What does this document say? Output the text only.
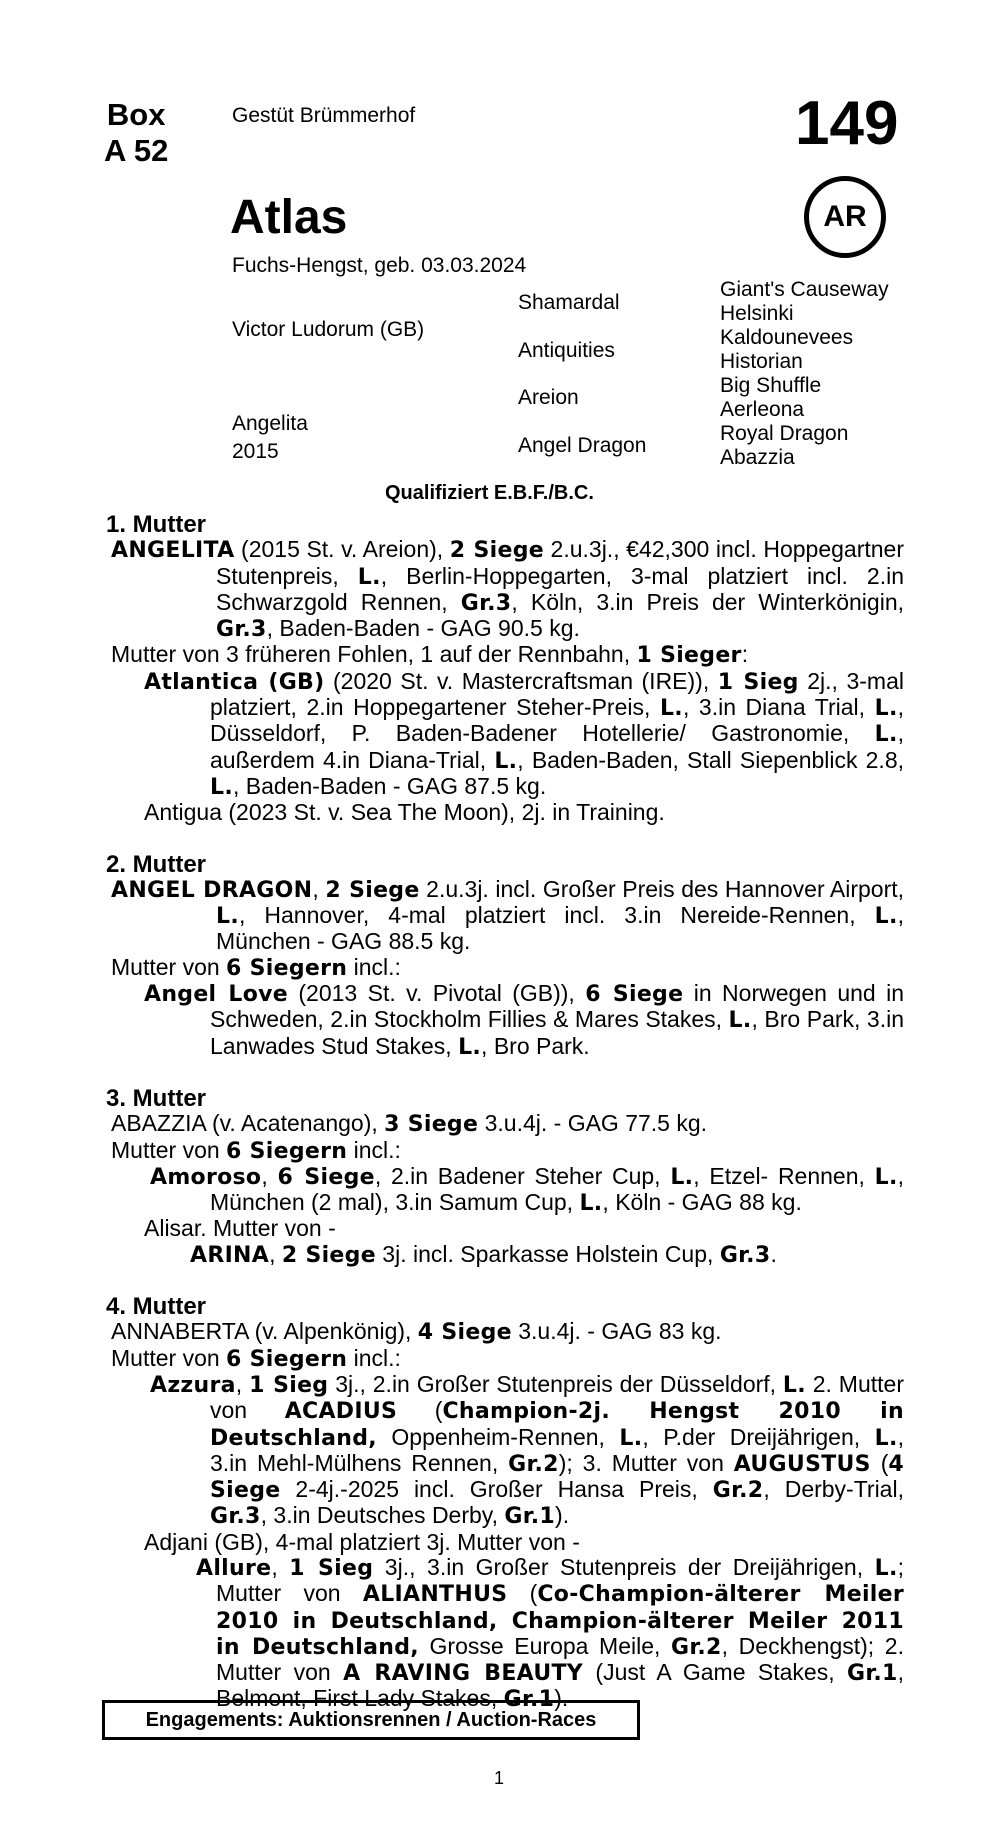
Box
A 52
Gestüt Brümmerhof	149
Atlas	AR
Fuchs-Hengst, geb. 03.03.2024
Victor Ludorum (GB)
Angelita
2015
Shamardal
Antiquities
Areion
Angel Dragon
Giant's Causeway
Helsinki
Kaldounevees
Historian
Big Shuffle
Aerleona
Royal Dragon
Abazzia
Qualifiziert E.B.F./B.C.

1. Mutter

ANGELITA (2015 St. v. Areion), 2 Siege 2.u.3j., €42,300 incl. Hoppegartner Stutenpreis, L., Berlin-Hoppegarten, 3-mal platziert incl. 2.in Schwarzgold Rennen, Gr.3, Köln, 3.in Preis der Winterkönigin, Gr.3, Baden-Baden - GAG 90.5 kg.

Mutter von 3 früheren Fohlen, 1 auf der Rennbahn, 1 Sieger:

Atlantica (GB) (2020 St. v. Mastercraftsman (IRE)), 1 Sieg 2j., 3-mal platziert, 2.in Hoppegartener Steher-Preis, L., 3.in Diana Trial, L., Düsseldorf, P. Baden-Badener Hotellerie/ Gastronomie, L., außerdem 4.in Diana-Trial, L., Baden-Baden, Stall Siepenblick 2.8, L., Baden-Baden - GAG 87.5 kg.

Antigua (2023 St. v. Sea The Moon), 2j. in Training.

2. Mutter

ANGEL DRAGON, 2 Siege 2.u.3j. incl. Großer Preis des Hannover Airport, L., Hannover, 4-mal platziert incl. 3.in Nereide-Rennen, L., München - GAG 88.5 kg.

Mutter von 6 Siegern incl.:

Angel Love (2013 St. v. Pivotal (GB)), 6 Siege in Norwegen und in Schweden, 2.in Stockholm Fillies & Mares Stakes, L., Bro Park, 3.in Lanwades Stud Stakes, L., Bro Park.

3. Mutter

ABAZZIA (v. Acatenango), 3 Siege 3.u.4j. - GAG 77.5 kg.

Mutter von 6 Siegern incl.:

Amoroso, 6 Siege, 2.in Badener Steher Cup, L., Etzel- Rennen, L., München (2 mal), 3.in Samum Cup, L., Köln - GAG 88 kg.

Alisar. Mutter von -

ARINA, 2 Siege 3j. incl. Sparkasse Holstein Cup, Gr.3.

4. Mutter

ANNABERTA (v. Alpenkönig), 4 Siege 3.u.4j. - GAG 83 kg.

Mutter von 6 Siegern incl.:

Azzura, 1 Sieg 3j., 2.in Großer Stutenpreis der Düsseldorf, L. 2. Mutter von ACADIUS (Champion-2j. Hengst 2010 in Deutschland, Oppenheim-Rennen, L., P.der Dreijährigen, L., 3.in Mehl-Mülhens Rennen, Gr.2); 3. Mutter von AUGUSTUS (4 Siege 2-4j.-2025 incl. Großer Hansa Preis, Gr.2, Derby-Trial, Gr.3, 3.in Deutsches Derby, Gr.1).

Adjani (GB), 4-mal platziert 3j. Mutter von -

Allure, 1 Sieg 3j., 3.in Großer Stutenpreis der Dreijährigen, L.; Mutter von ALIANTHUS (Co-Champion-älterer Meiler 2010 in Deutschland, Champion-älterer Meiler 2011 in Deutschland, Grosse Europa Meile, Gr.2, Deckhengst); 2. Mutter von A RAVING BEAUTY (Just A Game Stakes, Gr.1, Belmont, First Lady Stakes, Gr.1).

Engagements: Auktionsrennen / Auction-Races
1
